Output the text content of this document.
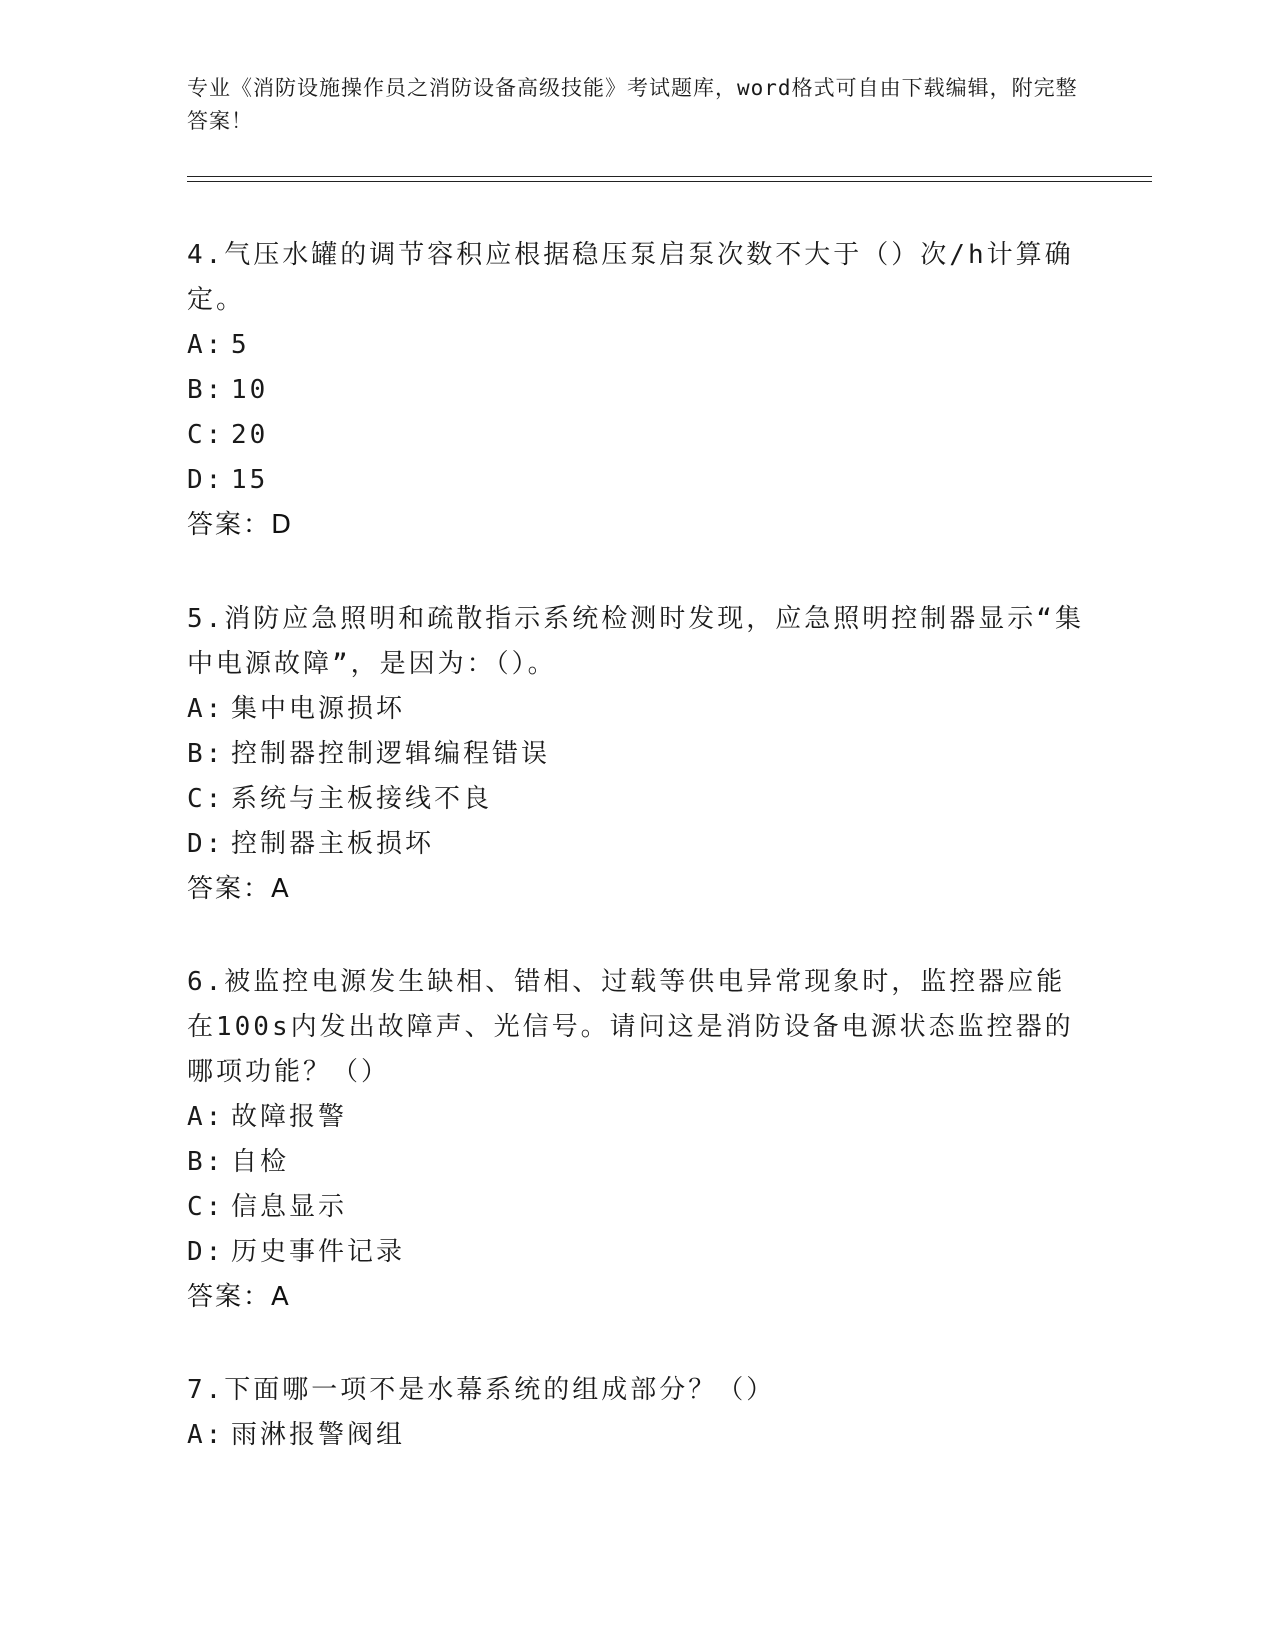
专业《消防设施操作员之消防设备高级技能》考试题库，word格式可自由下载编辑，附完整答案！
4.气压水罐的调节容积应根据稳压泵启泵次数不大于（）次/h计算确定。
A: 5
B: 10
C: 20
D: 15
答案：D
5.消防应急照明和疏散指示系统检测时发现，应急照明控制器显示“集中电源故障”，是因为：（）。
A: 集中电源损坏
B: 控制器控制逻辑编程错误
C: 系统与主板接线不良
D: 控制器主板损坏
答案：A
6.被监控电源发生缺相、错相、过载等供电异常现象时，监控器应能在100s内发出故障声、光信号。请问这是消防设备电源状态监控器的哪项功能？（）
A: 故障报警
B: 自检
C: 信息显示
D: 历史事件记录
答案：A
7.下面哪一项不是水幕系统的组成部分？（）
A: 雨淋报警阀组
